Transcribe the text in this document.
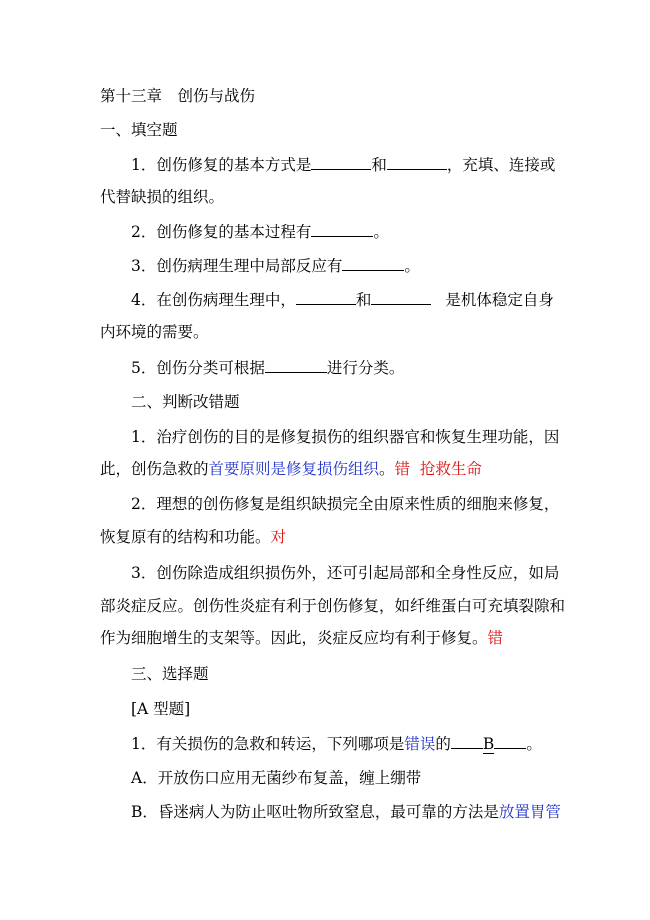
第十三章　创伤与战伤
一、填空题
1．创伤修复的基本方式是	和	，充填、连接或
代替缺损的组织。
2．创伤修复的基本过程有	。
3．创伤病理生理中局部反应有	。
4．在创伤病理生理中，	和	是机体稳定自身
内环境的需要。
5．创伤分类可根据	进行分类。
二、判断改错题
1．治疗创伤的目的是修复损伤的组织器官和恢复生理功能，因
此，创伤急救的首要原则是修复损伤组织。错  抢救生命
2．理想的创伤修复是组织缺损完全由原来性质的细胞来修复，
恢复原有的结构和功能。对
3．创伤除造成组织损伤外，还可引起局部和全身性反应，如局
部炎症反应。创伤性炎症有利于创伤修复，如纤维蛋白可充填裂隙和
作为细胞增生的支架等。因此，炎症反应均有利于修复。错
三、选择题
[A 型题]
1．有关损伤的急救和转运，下列哪项是错误的 B 。
A．开放伤口应用无菌纱布复盖，缠上绷带
B．昏迷病人为防止呕吐物所致窒息，最可靠的方法是放置胃管
